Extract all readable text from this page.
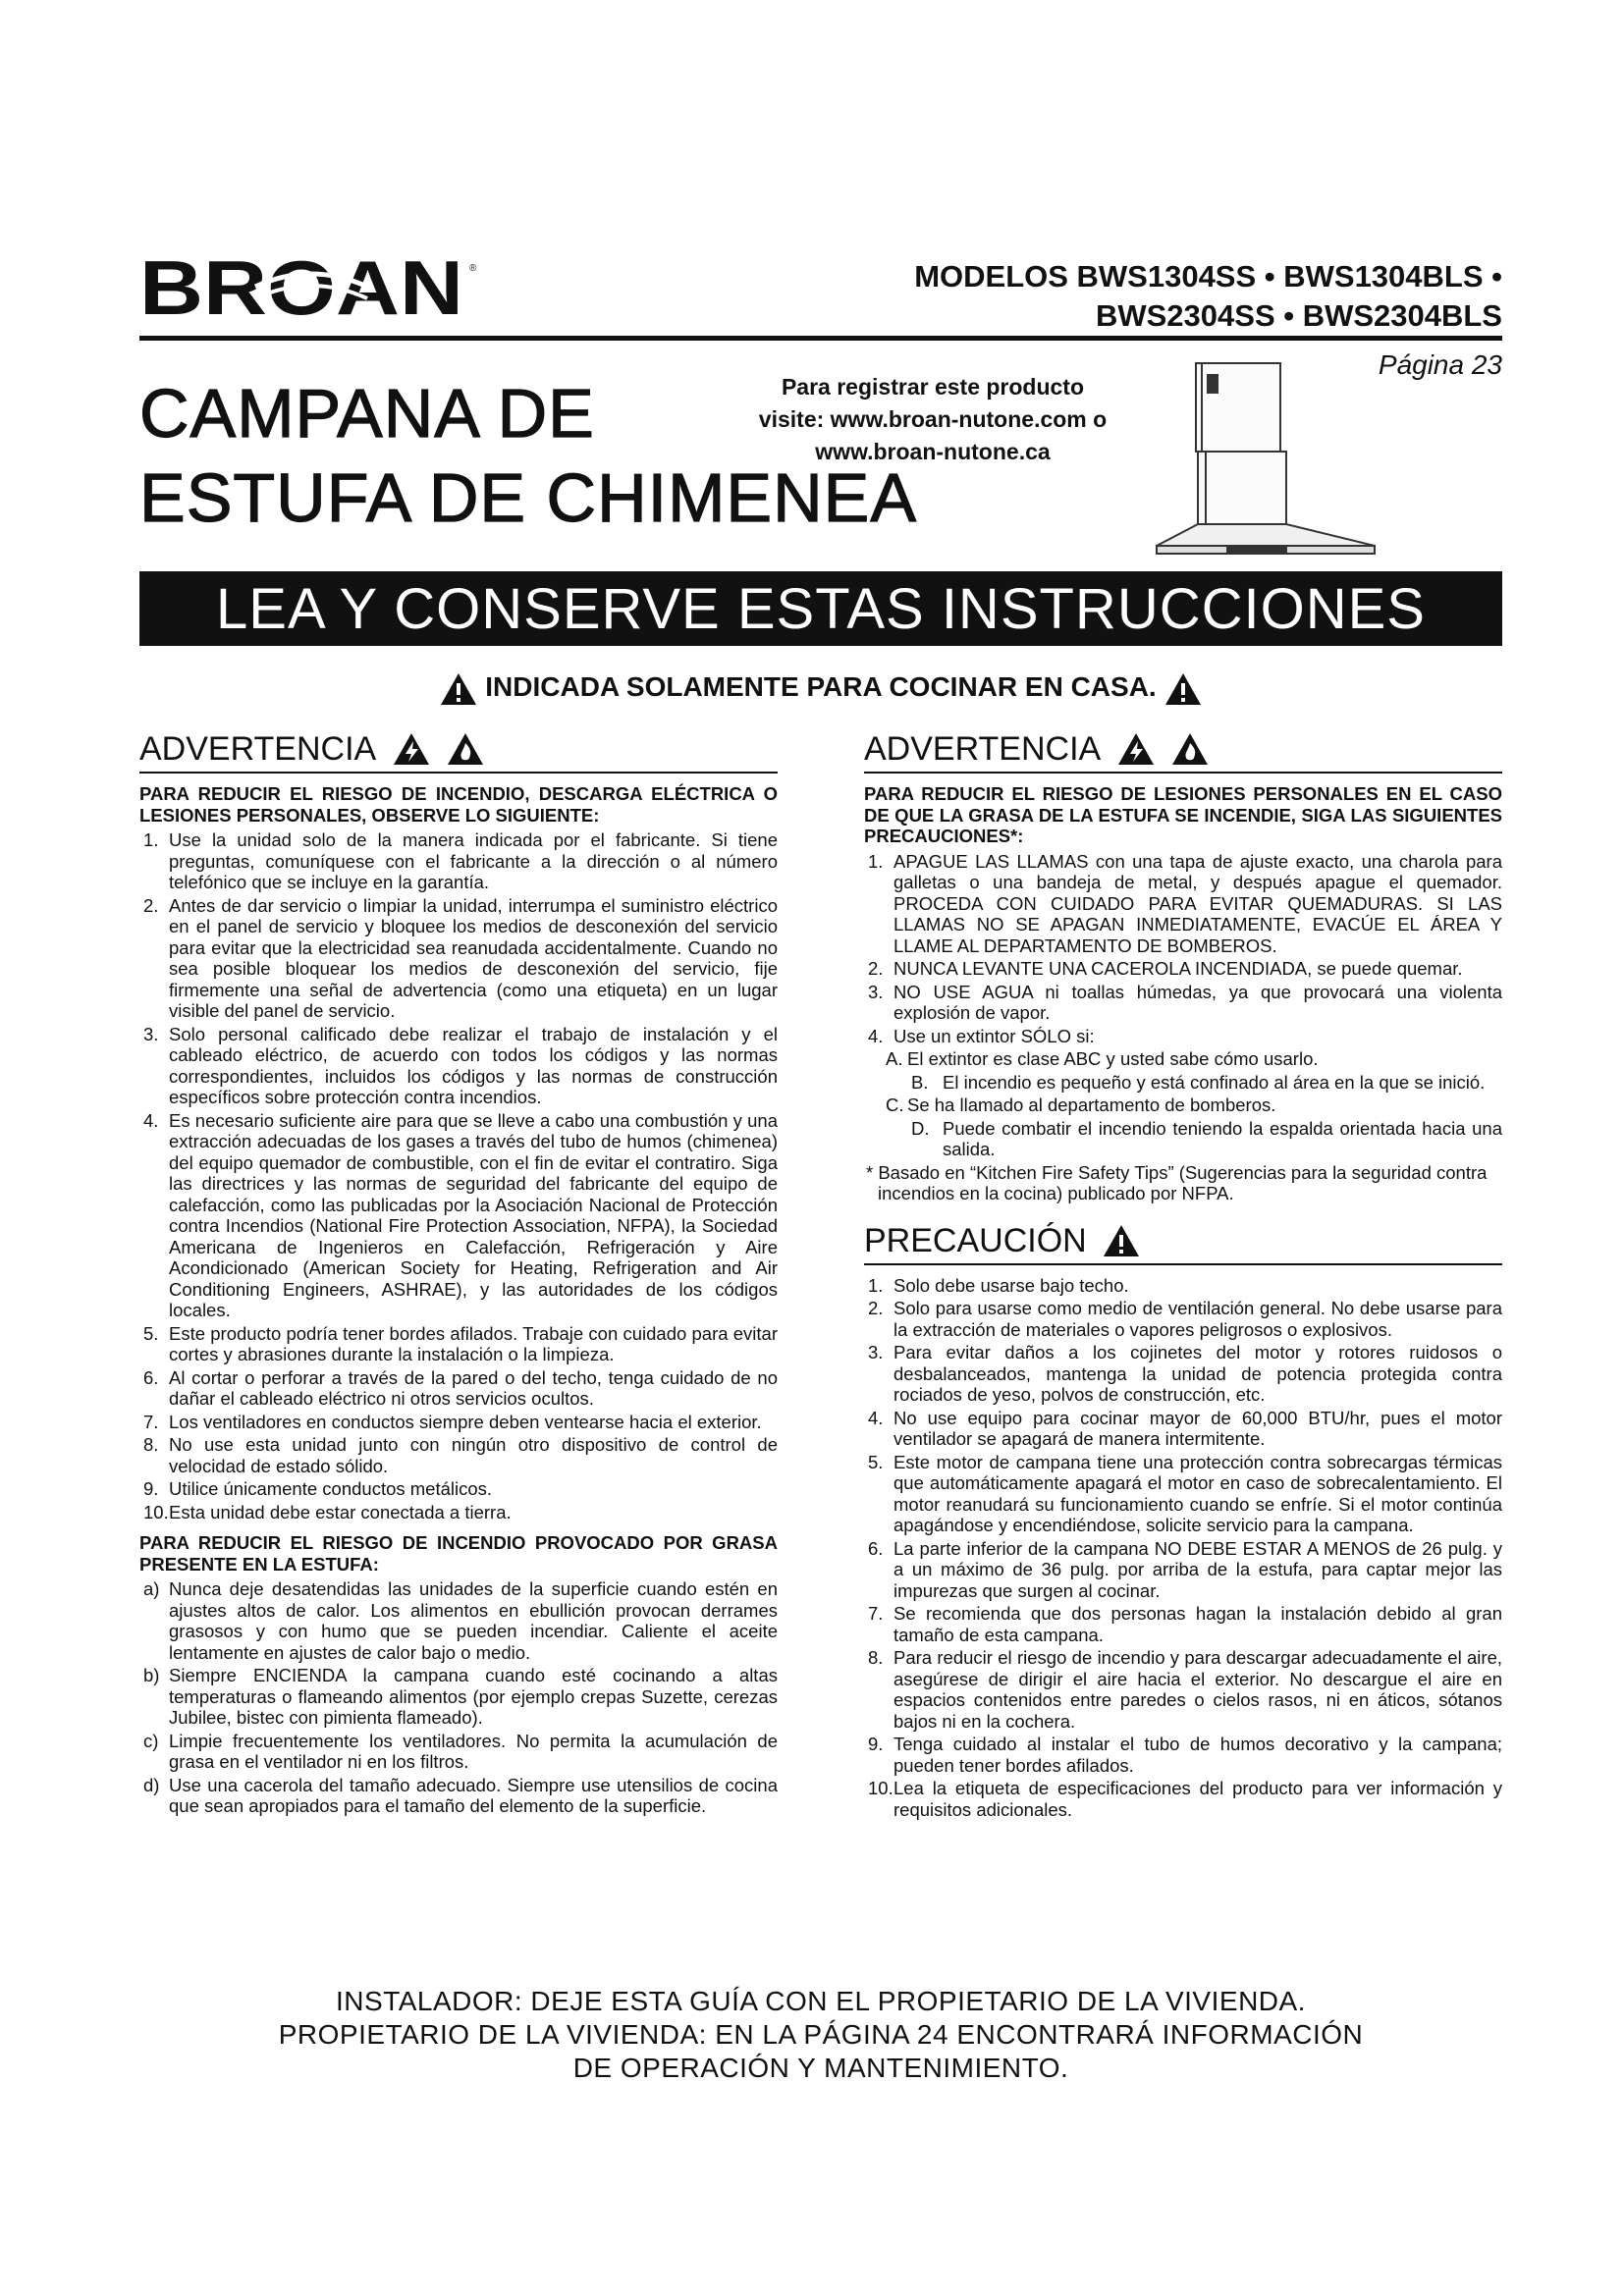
BROAN ®	MODELOS BWS1304SS • BWS1304BLS •
BWS2304SS • BWS2304BLS
Página 23
CAMPANA DE
ESTUFA DE CHIMENEA
Para registrar este producto
visite: www.broan-nutone.com o
www.broan-nutone.ca
LEA Y CONSERVE ESTAS INSTRUCCIONES
INDICADA SOLAMENTE PARA COCINAR EN CASA.
ADVERTENCIA

PARA REDUCIR EL RIESGO DE INCENDIO, DESCARGA ELÉCTRICA O LESIONES PERSONALES, OBSERVE LO SIGUIENTE:

1. Use la unidad solo de la manera indicada por el fabricante. Si tiene preguntas, comuníquese con el fabricante a la dirección o al número telefónico que se incluye en la garantía.
2. Antes de dar servicio o limpiar la unidad, interrumpa el suministro eléctrico en el panel de servicio y bloquee los medios de desconexión del servicio para evitar que la electricidad sea reanudada accidentalmente. Cuando no sea posible bloquear los medios de desconexión del servicio, fije firmemente una señal de advertencia (como una etiqueta) en un lugar visible del panel de servicio.
3. Solo personal calificado debe realizar el trabajo de instalación y el cableado eléctrico, de acuerdo con todos los códigos y las normas correspondientes, incluidos los códigos y las normas de construcción específicos sobre protección contra incendios.
4. Es necesario suficiente aire para que se lleve a cabo una combustión y una extracción adecuadas de los gases a través del tubo de humos (chimenea) del equipo quemador de combustible, con el fin de evitar el contratiro. Siga las directrices y las normas de seguridad del fabricante del equipo de calefacción, como las publicadas por la Asociación Nacional de Protección contra Incendios (National Fire Protection Association, NFPA), la Sociedad Americana de Ingenieros en Calefacción, Refrigeración y Aire Acondicionado (American Society for Heating, Refrigeration and Air Conditioning Engineers, ASHRAE), y las autoridades de los códigos locales.
5. Este producto podría tener bordes afilados. Trabaje con cuidado para evitar cortes y abrasiones durante la instalación o la limpieza.
6. Al cortar o perforar a través de la pared o del techo, tenga cuidado de no dañar el cableado eléctrico ni otros servicios ocultos.
7. Los ventiladores en conductos siempre deben ventearse hacia el exterior.
8. No use esta unidad junto con ningún otro dispositivo de control de velocidad de estado sólido.
9. Utilice únicamente conductos metálicos.
10. Esta unidad debe estar conectada a tierra.

PARA REDUCIR EL RIESGO DE INCENDIO PROVOCADO POR GRASA PRESENTE EN LA ESTUFA:

a) Nunca deje desatendidas las unidades de la superficie cuando estén en ajustes altos de calor. Los alimentos en ebullición provocan derrames grasosos y con humo que se pueden incendiar. Caliente el aceite lentamente en ajustes de calor bajo o medio.
b) Siempre ENCIENDA la campana cuando esté cocinando a altas temperaturas o flameando alimentos (por ejemplo crepas Suzette, cerezas Jubilee, bistec con pimienta flameado).
c) Limpie frecuentemente los ventiladores. No permita la acumulación de grasa en el ventilador ni en los filtros.
d) Use una cacerola del tamaño adecuado. Siempre use utensilios de cocina que sean apropiados para el tamaño del elemento de la superficie.
ADVERTENCIA

PARA REDUCIR EL RIESGO DE LESIONES PERSONALES EN EL CASO DE QUE LA GRASA DE LA ESTUFA SE INCENDIE, SIGA LAS SIGUIENTES PRECAUCIONES*:

1. APAGUE LAS LLAMAS con una tapa de ajuste exacto, una charola para galletas o una bandeja de metal, y después apague el quemador. PROCEDA CON CUIDADO PARA EVITAR QUEMADURAS. SI LAS LLAMAS NO SE APAGAN INMEDIATAMENTE, EVACÚE EL ÁREA Y LLAME AL DEPARTAMENTO DE BOMBEROS.
2. NUNCA LEVANTE UNA CACEROLA INCENDIADA, se puede quemar.
3. NO USE AGUA ni toallas húmedas, ya que provocará una violenta explosión de vapor.
4. Use un extintor SÓLO si:
A. El extintor es clase ABC y usted sabe cómo usarlo.
B. El incendio es pequeño y está confinado al área en la que se inició.
C. Se ha llamado al departamento de bomberos.
D. Puede combatir el incendio teniendo la espalda orientada hacia una salida.
* Basado en “Kitchen Fire Safety Tips” (Sugerencias para la seguridad contra incendios en la cocina) publicado por NFPA.
PRECAUCIÓN
1. Solo debe usarse bajo techo.
2. Solo para usarse como medio de ventilación general. No debe usarse para la extracción de materiales o vapores peligrosos o explosivos.
3. Para evitar daños a los cojinetes del motor y rotores ruidosos o desbalanceados, mantenga la unidad de potencia protegida contra rociados de yeso, polvos de construcción, etc.
4. No use equipo para cocinar mayor de 60,000 BTU/hr, pues el motor ventilador se apagará de manera intermitente.
5. Este motor de campana tiene una protección contra sobrecargas térmicas que automáticamente apagará el motor en caso de sobrecalentamiento. El motor reanudará su funcionamiento cuando se enfríe. Si el motor continúa apagándose y encendiéndose, solicite servicio para la campana.
6. La parte inferior de la campana NO DEBE ESTAR A MENOS de 26 pulg. y a un máximo de 36 pulg. por arriba de la estufa, para captar mejor las impurezas que surgen al cocinar.
7. Se recomienda que dos personas hagan la instalación debido al gran tamaño de esta campana.
8. Para reducir el riesgo de incendio y para descargar adecuadamente el aire, asegúrese de dirigir el aire hacia el exterior. No descargue el aire en espacios contenidos entre paredes o cielos rasos, ni en áticos, sótanos bajos ni en la cochera.
9. Tenga cuidado al instalar el tubo de humos decorativo y la campana; pueden tener bordes afilados.
10. Lea la etiqueta de especificaciones del producto para ver información y requisitos adicionales.
INSTALADOR: DEJE ESTA GUÍA CON EL PROPIETARIO DE LA VIVIENDA.
PROPIETARIO DE LA VIVIENDA: EN LA PÁGINA 24 ENCONTRARÁ INFORMACIÓN
DE OPERACIÓN Y MANTENIMIENTO.
